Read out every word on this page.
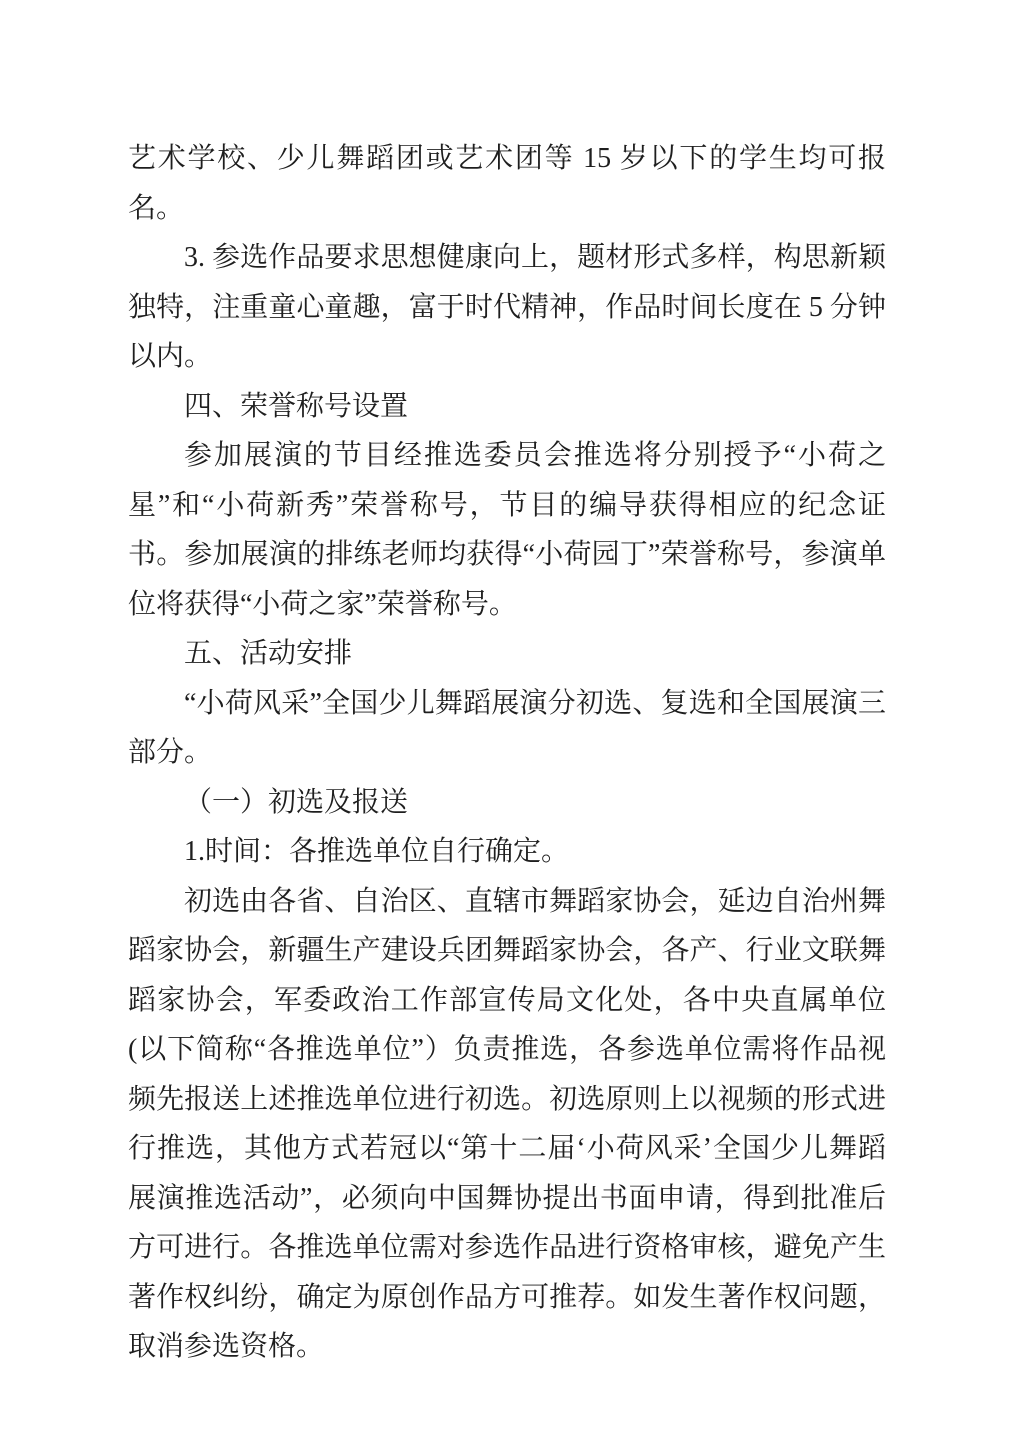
艺术学校、少儿舞蹈团或艺术团等 15 岁以下的学生均可报名。

3. 参选作品要求思想健康向上，题材形式多样，构思新颖独特，注重童心童趣，富于时代精神，作品时间长度在 5 分钟以内。

四、荣誉称号设置

参加展演的节目经推选委员会推选将分别授予“小荷之星”和“小荷新秀”荣誉称号，节目的编导获得相应的纪念证书。参加展演的排练老师均获得“小荷园丁”荣誉称号，参演单位将获得“小荷之家”荣誉称号。

五、活动安排

“小荷风采”全国少儿舞蹈展演分初选、复选和全国展演三部分。

（一）初选及报送

1.时间：各推选单位自行确定。

初选由各省、自治区、直辖市舞蹈家协会，延边自治州舞蹈家协会，新疆生产建设兵团舞蹈家协会，各产、行业文联舞蹈家协会，军委政治工作部宣传局文化处，各中央直属单位(以下简称“各推选单位”）负责推选，各参选单位需将作品视频先报送上述推选单位进行初选。初选原则上以视频的形式进行推选，其他方式若冠以“第十二届‘小荷风采’全国少儿舞蹈展演推选活动”，必须向中国舞协提出书面申请，得到批准后方可进行。各推选单位需对参选作品进行资格审核，避免产生著作权纠纷，确定为原创作品方可推荐。如发生著作权问题，取消参选资格。
